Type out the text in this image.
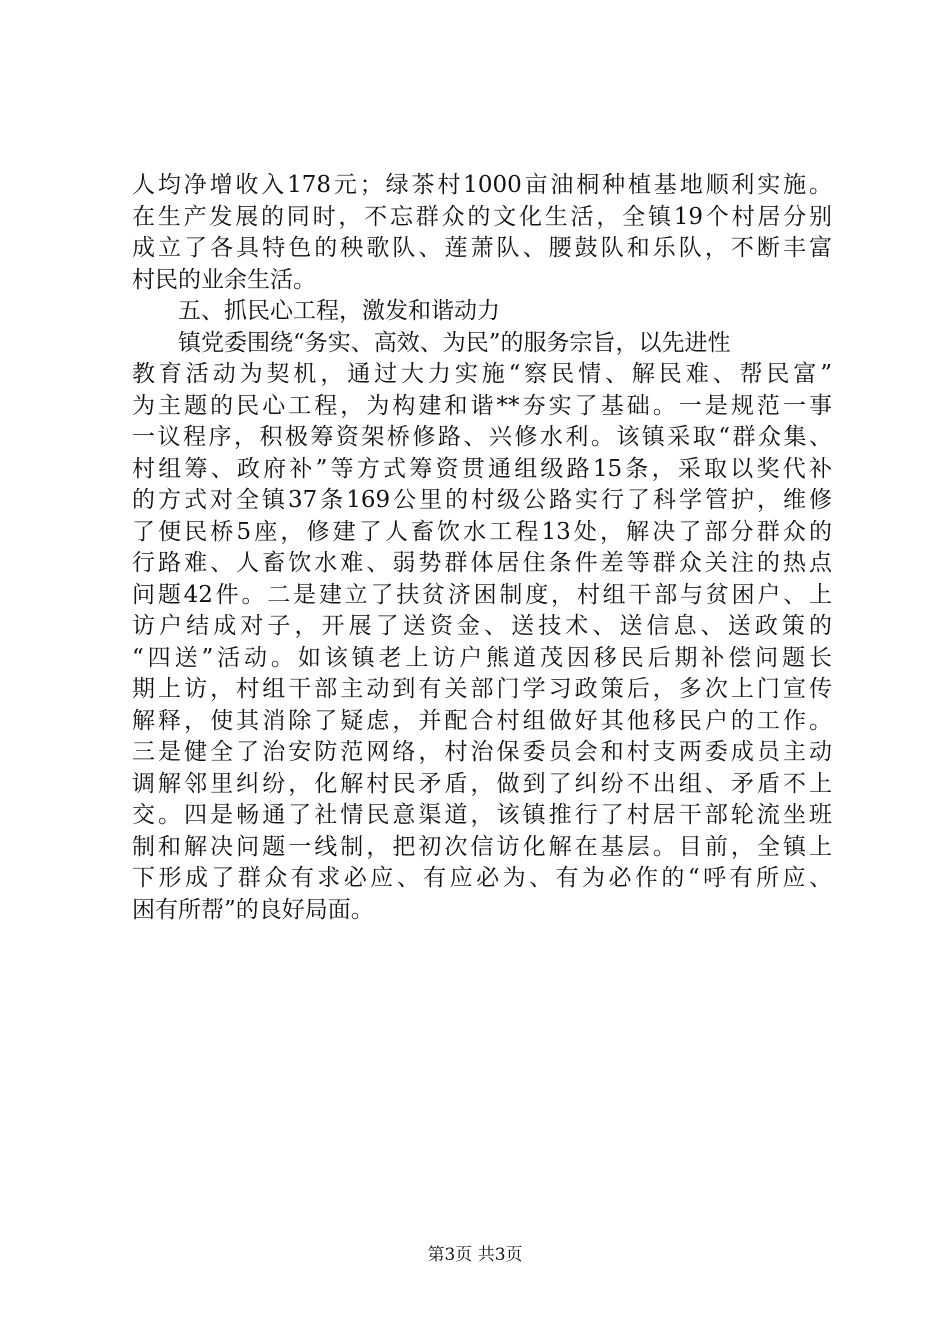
人均净增收入178元；绿茶村1000亩油桐种植基地顺利实施。
在生产发展的同时，不忘群众的文化生活，全镇19个村居分别
成立了各具特色的秧歌队、莲萧队、腰鼓队和乐队，不断丰富
村民的业余生活。
五、抓民心工程，激发和谐动力
镇党委围绕“务实、高效、为民”的服务宗旨，以先进性
教育活动为契机，通过大力实施“察民情、解民难、帮民富”
为主题的民心工程，为构建和谐**夯实了基础。一是规范一事
一议程序，积极筹资架桥修路、兴修水利。该镇采取“群众集、
村组筹、政府补”等方式筹资贯通组级路15条，采取以奖代补
的方式对全镇37条169公里的村级公路实行了科学管护，维修
了便民桥5座，修建了人畜饮水工程13处，解决了部分群众的
行路难、人畜饮水难、弱势群体居住条件差等群众关注的热点
问题42件。二是建立了扶贫济困制度，村组干部与贫困户、上
访户结成对子，开展了送资金、送技术、送信息、送政策的
“四送”活动。如该镇老上访户熊道茂因移民后期补偿问题长
期上访，村组干部主动到有关部门学习政策后，多次上门宣传
解释，使其消除了疑虑，并配合村组做好其他移民户的工作。
三是健全了治安防范网络，村治保委员会和村支两委成员主动
调解邻里纠纷，化解村民矛盾，做到了纠纷不出组、矛盾不上
交。四是畅通了社情民意渠道，该镇推行了村居干部轮流坐班
制和解决问题一线制，把初次信访化解在基层。目前，全镇上
下形成了群众有求必应、有应必为、有为必作的“呼有所应、
困有所帮”的良好局面。
第3页 共3页
